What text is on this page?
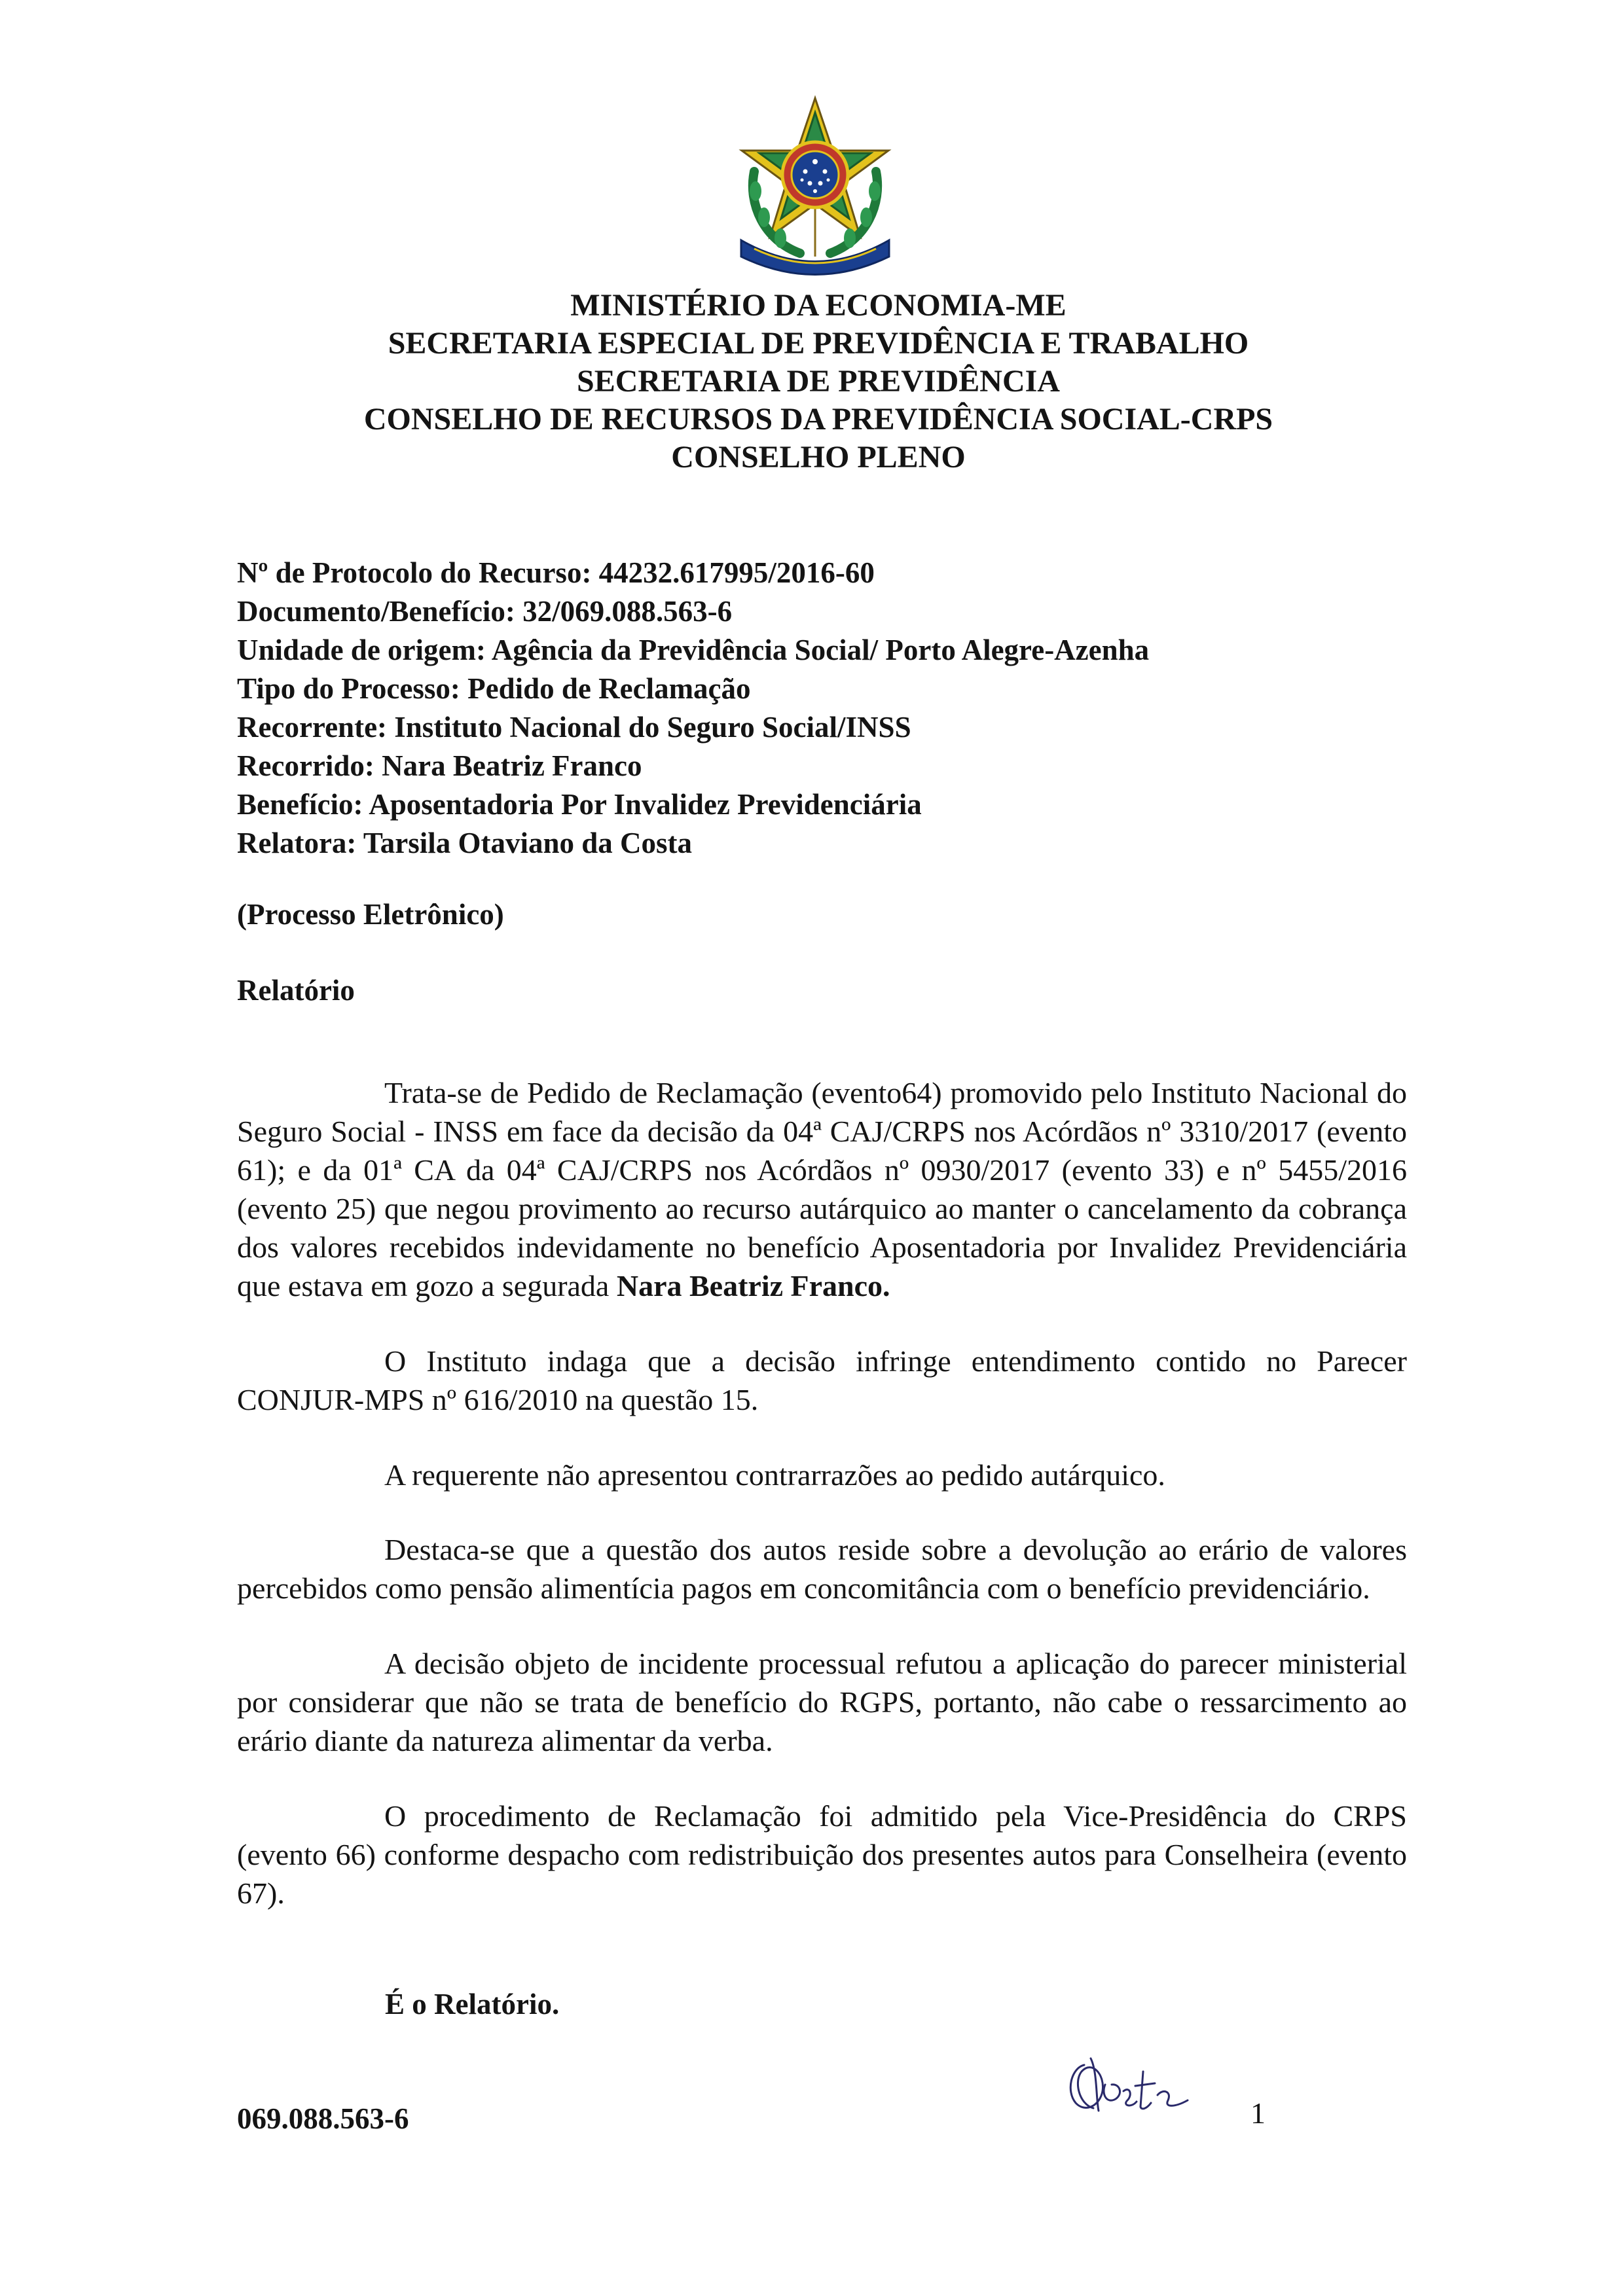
MINISTÉRIO DA ECONOMIA-ME
SECRETARIA ESPECIAL DE PREVIDÊNCIA E TRABALHO
SECRETARIA DE PREVIDÊNCIA
CONSELHO DE RECURSOS DA PREVIDÊNCIA SOCIAL-CRPS
CONSELHO PLENO
Nº de Protocolo do Recurso: 44232.617995/2016-60
Documento/Benefício: 32/069.088.563-6
Unidade de origem: Agência da Previdência Social/ Porto Alegre-Azenha
Tipo do Processo: Pedido de Reclamação
Recorrente: Instituto Nacional do Seguro Social/INSS
Recorrido: Nara Beatriz Franco
Benefício: Aposentadoria Por Invalidez Previdenciária
Relatora: Tarsila Otaviano da Costa
(Processo Eletrônico)
Relatório

Trata-se de Pedido de Reclamação (evento64) promovido pelo Instituto Nacional do Seguro Social - INSS em face da decisão da 04ª CAJ/CRPS nos Acórdãos nº 3310/2017 (evento 61); e da 01ª CA da 04ª CAJ/CRPS nos Acórdãos nº 0930/2017 (evento 33) e nº 5455/2016 (evento 25) que negou provimento ao recurso autárquico ao manter o cancelamento da cobrança dos valores recebidos indevidamente no benefício Aposentadoria por Invalidez Previdenciária que estava em gozo a segurada Nara Beatriz Franco.

O Instituto indaga que a decisão infringe entendimento contido no Parecer CONJUR-MPS nº 616/2010 na questão 15.

A requerente não apresentou contrarrazões ao pedido autárquico.

Destaca-se que a questão dos autos reside sobre a devolução ao erário de valores percebidos como pensão alimentícia pagos em concomitância com o benefício previdenciário.

A decisão objeto de incidente processual refutou a aplicação do parecer ministerial por considerar que não se trata de benefício do RGPS, portanto, não cabe o ressarcimento ao erário diante da natureza alimentar da verba.

O procedimento de Reclamação foi admitido pela Vice-Presidência do CRPS (evento 66) conforme despacho com redistribuição dos presentes autos para Conselheira (evento 67).

É o Relatório.
069.088.563-6	1
